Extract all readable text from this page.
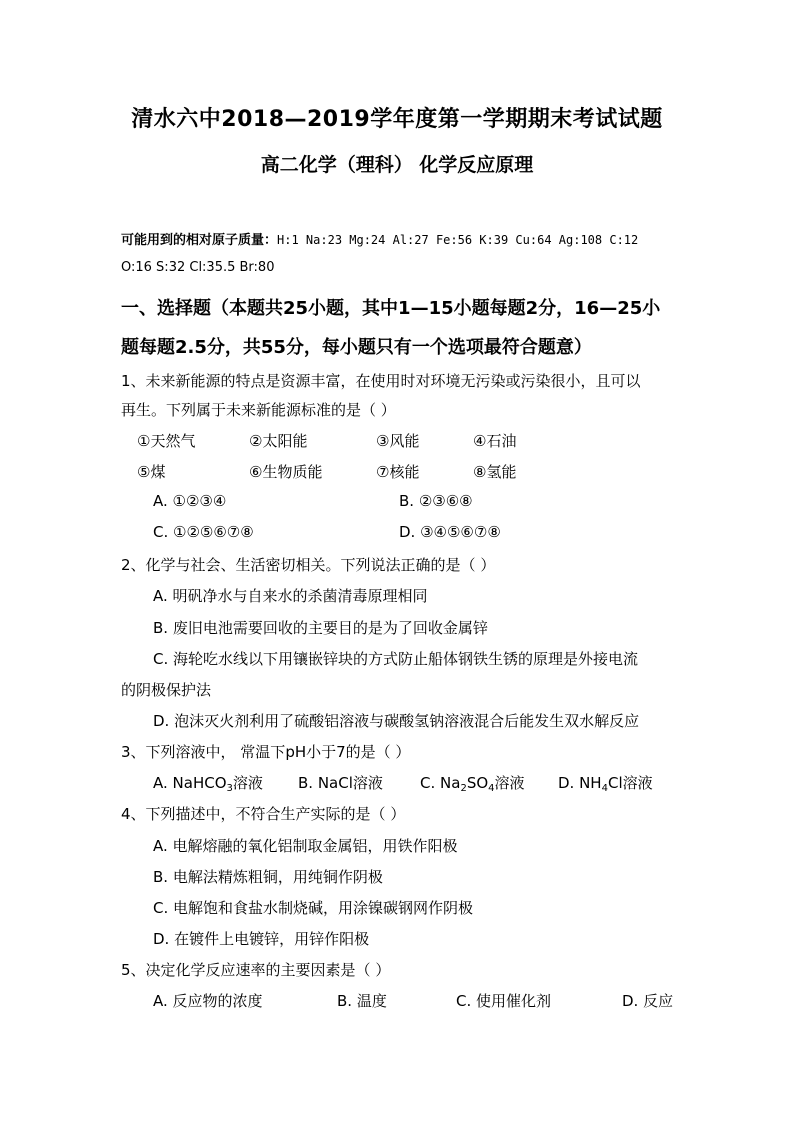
清水六中2018—2019学年度第一学期期末考试试题
高二化学（理科） 化学反应原理
可能用到的相对原子质量：H:1 Na:23 Mg:24 Al:27 Fe:56 K:39 Cu:64 Ag:108 C:12
O:16 S:32 Cl:35.5 Br:80
一、选择题（本题共25小题，其中1—15小题每题2分，16—25小
题每题2.5分，共55分，每小题只有一个选项最符合题意）
1、未来新能源的特点是资源丰富，在使用时对环境无污染或污染很小，且可以
再生。下列属于未来新能源标准的是（ ）
①天然气	②太阳能	③风能	④石油
⑤煤	⑥生物质能	⑦核能	⑧氢能
A. ①②③④	B. ②③⑥⑧
C. ①②⑤⑥⑦⑧	D. ③④⑤⑥⑦⑧
2、化学与社会、生活密切相关。下列说法正确的是（ ）
A. 明矾净水与自来水的杀菌清毒原理相同
B. 废旧电池需要回收的主要目的是为了回收金属锌
C. 海轮吃水线以下用镶嵌锌块的方式防止船体钢铁生锈的原理是外接电流
的阴极保护法
D. 泡沫灭火剂利用了硫酸铝溶液与碳酸氢钠溶液混合后能发生双水解反应
3、下列溶液中， 常温下pH小于7的是（ ）
A. NaHCO$_3$溶液 B. NaCl溶液 C. $Na_2SO_4$溶液 D. $NH_4Cl$溶液
4、下列描述中，不符合生产实际的是（ ）
A. 电解熔融的氧化铝制取金属铝，用铁作阳极
B. 电解法精炼粗铜，用纯铜作阴极
C. 电解饱和食盐水制烧碱，用涂镍碳钢网作阴极
D. 在镀件上电镀锌，用锌作阳极
5、决定化学反应速率的主要因素是（ ）
A. 反应物的浓度	B. 温度	C. 使用催化剂	D. 反应
